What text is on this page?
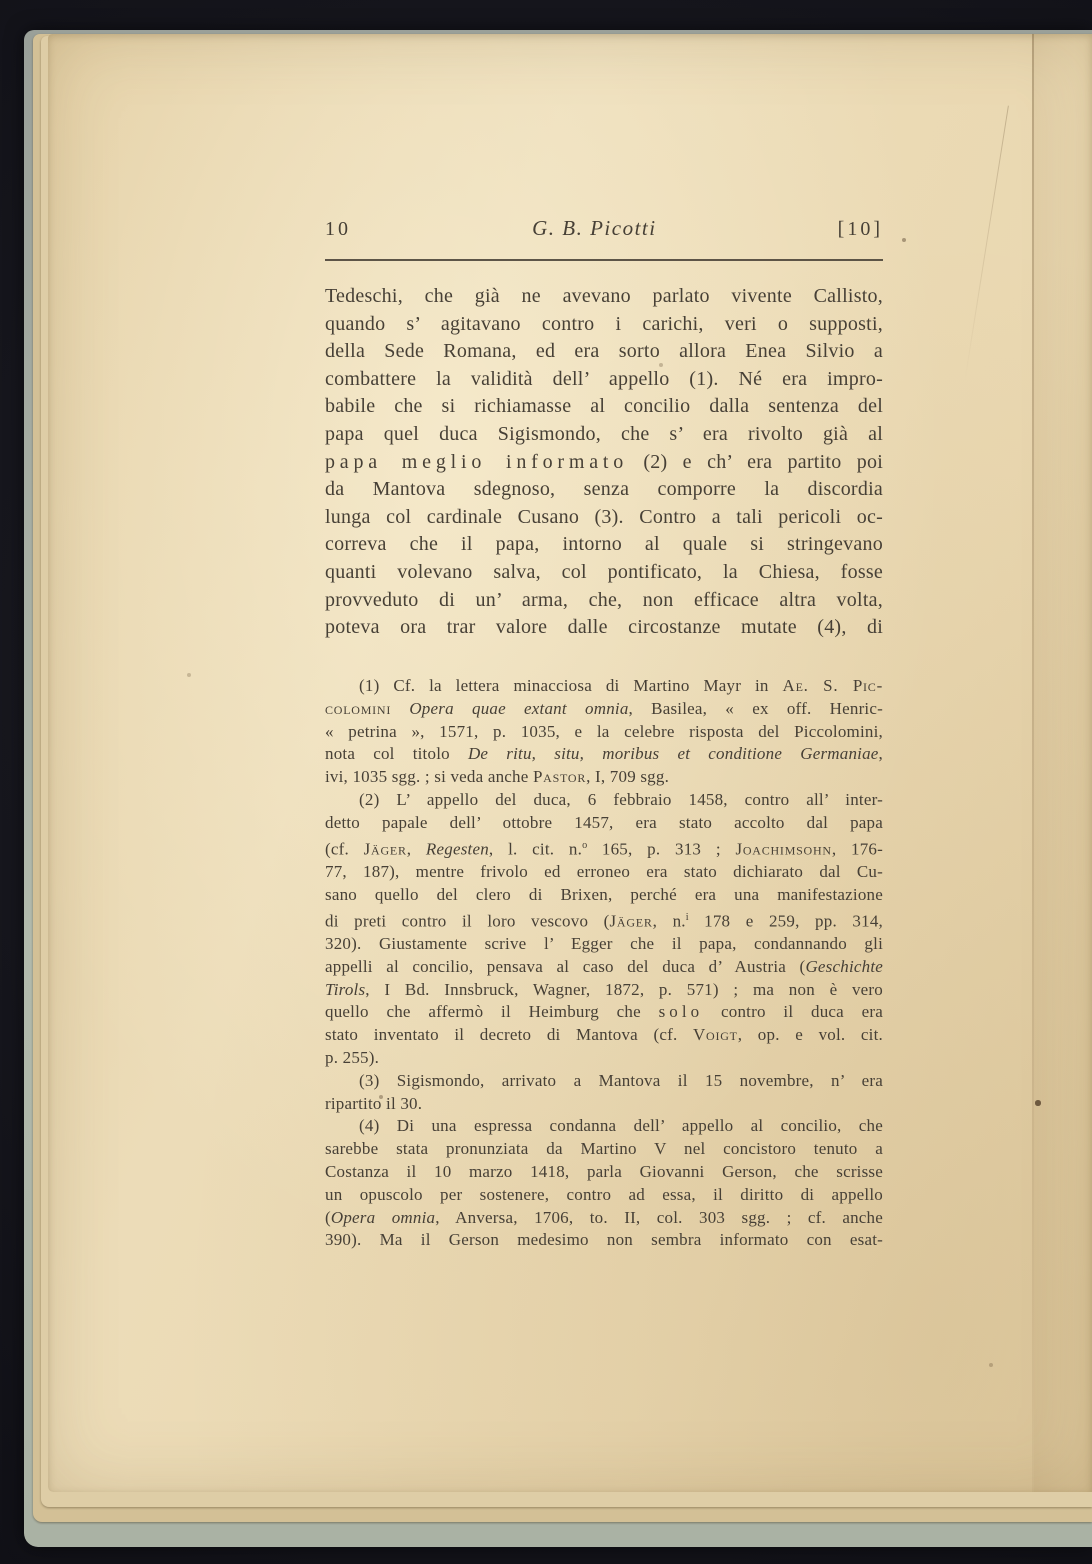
10	G. B. Picotti	[10]
Tedeschi, che già ne avevano parlato vivente Callisto,
quando s’ agitavano contro i carichi, veri o supposti,
della Sede Romana, ed era sorto allora Enea Silvio a
combattere la validità dell’ appello (1). Né era impro-
babile che si richiamasse al concilio dalla sentenza del
papa quel duca Sigismondo, che s’ era rivolto già al
papa meglio informato (2) e ch’ era partito poi
da Mantova sdegnoso, senza comporre la discordia
lunga col cardinale Cusano (3). Contro a tali pericoli oc-
correva che il papa, intorno al quale si stringevano
quanti volevano salva, col pontificato, la Chiesa, fosse
provveduto di un’ arma, che, non efficace altra volta,
poteva ora trar valore dalle circostanze mutate (4), di
(1) Cf. la lettera minacciosa di Martino Mayr in Ae. S. Pic-
colomini Opera quae extant omnia, Basilea, « ex off. Henric-
« petrina », 1571, p. 1035, e la celebre risposta del Piccolomini,
nota col titolo De ritu, situ, moribus et conditione Germaniae,
ivi, 1035 sgg. ; si veda anche Pastor, I, 709 sgg.
(2) L’ appello del duca, 6 febbraio 1458, contro all’ inter-
detto papale dell’ ottobre 1457, era stato accolto dal papa
(cf. Jäger, Regesten, l. cit. n.$^o$ 165, p. 313 ; Joachimsohn, 176-
77, 187), mentre frivolo ed erroneo era stato dichiarato dal Cu-
sano quello del clero di Brixen, perché era una manifestazione
di preti contro il loro vescovo (Jäger, n.$^i$ 178 e 259, pp. 314,
320). Giustamente scrive l’ Egger che il papa, condannando gli
appelli al concilio, pensava al caso del duca d’ Austria (Geschichte
Tirols, I Bd. Innsbruck, Wagner, 1872, p. 571) ; ma non è vero
quello che affermò il Heimburg che solo contro il duca era
stato inventato il decreto di Mantova (cf. Voigt, op. e vol. cit.
p. 255).
(3) Sigismondo, arrivato a Mantova il 15 novembre, n’ era
ripartito il 30.
(4) Di una espressa condanna dell’ appello al concilio, che
sarebbe stata pronunziata da Martino V nel concistoro tenuto a
Costanza il 10 marzo 1418, parla Giovanni Gerson, che scrisse
un opuscolo per sostenere, contro ad essa, il diritto di appello
(Opera omnia, Anversa, 1706, to. II, col. 303 sgg. ; cf. anche
390). Ma il Gerson medesimo non sembra informato con esat-
